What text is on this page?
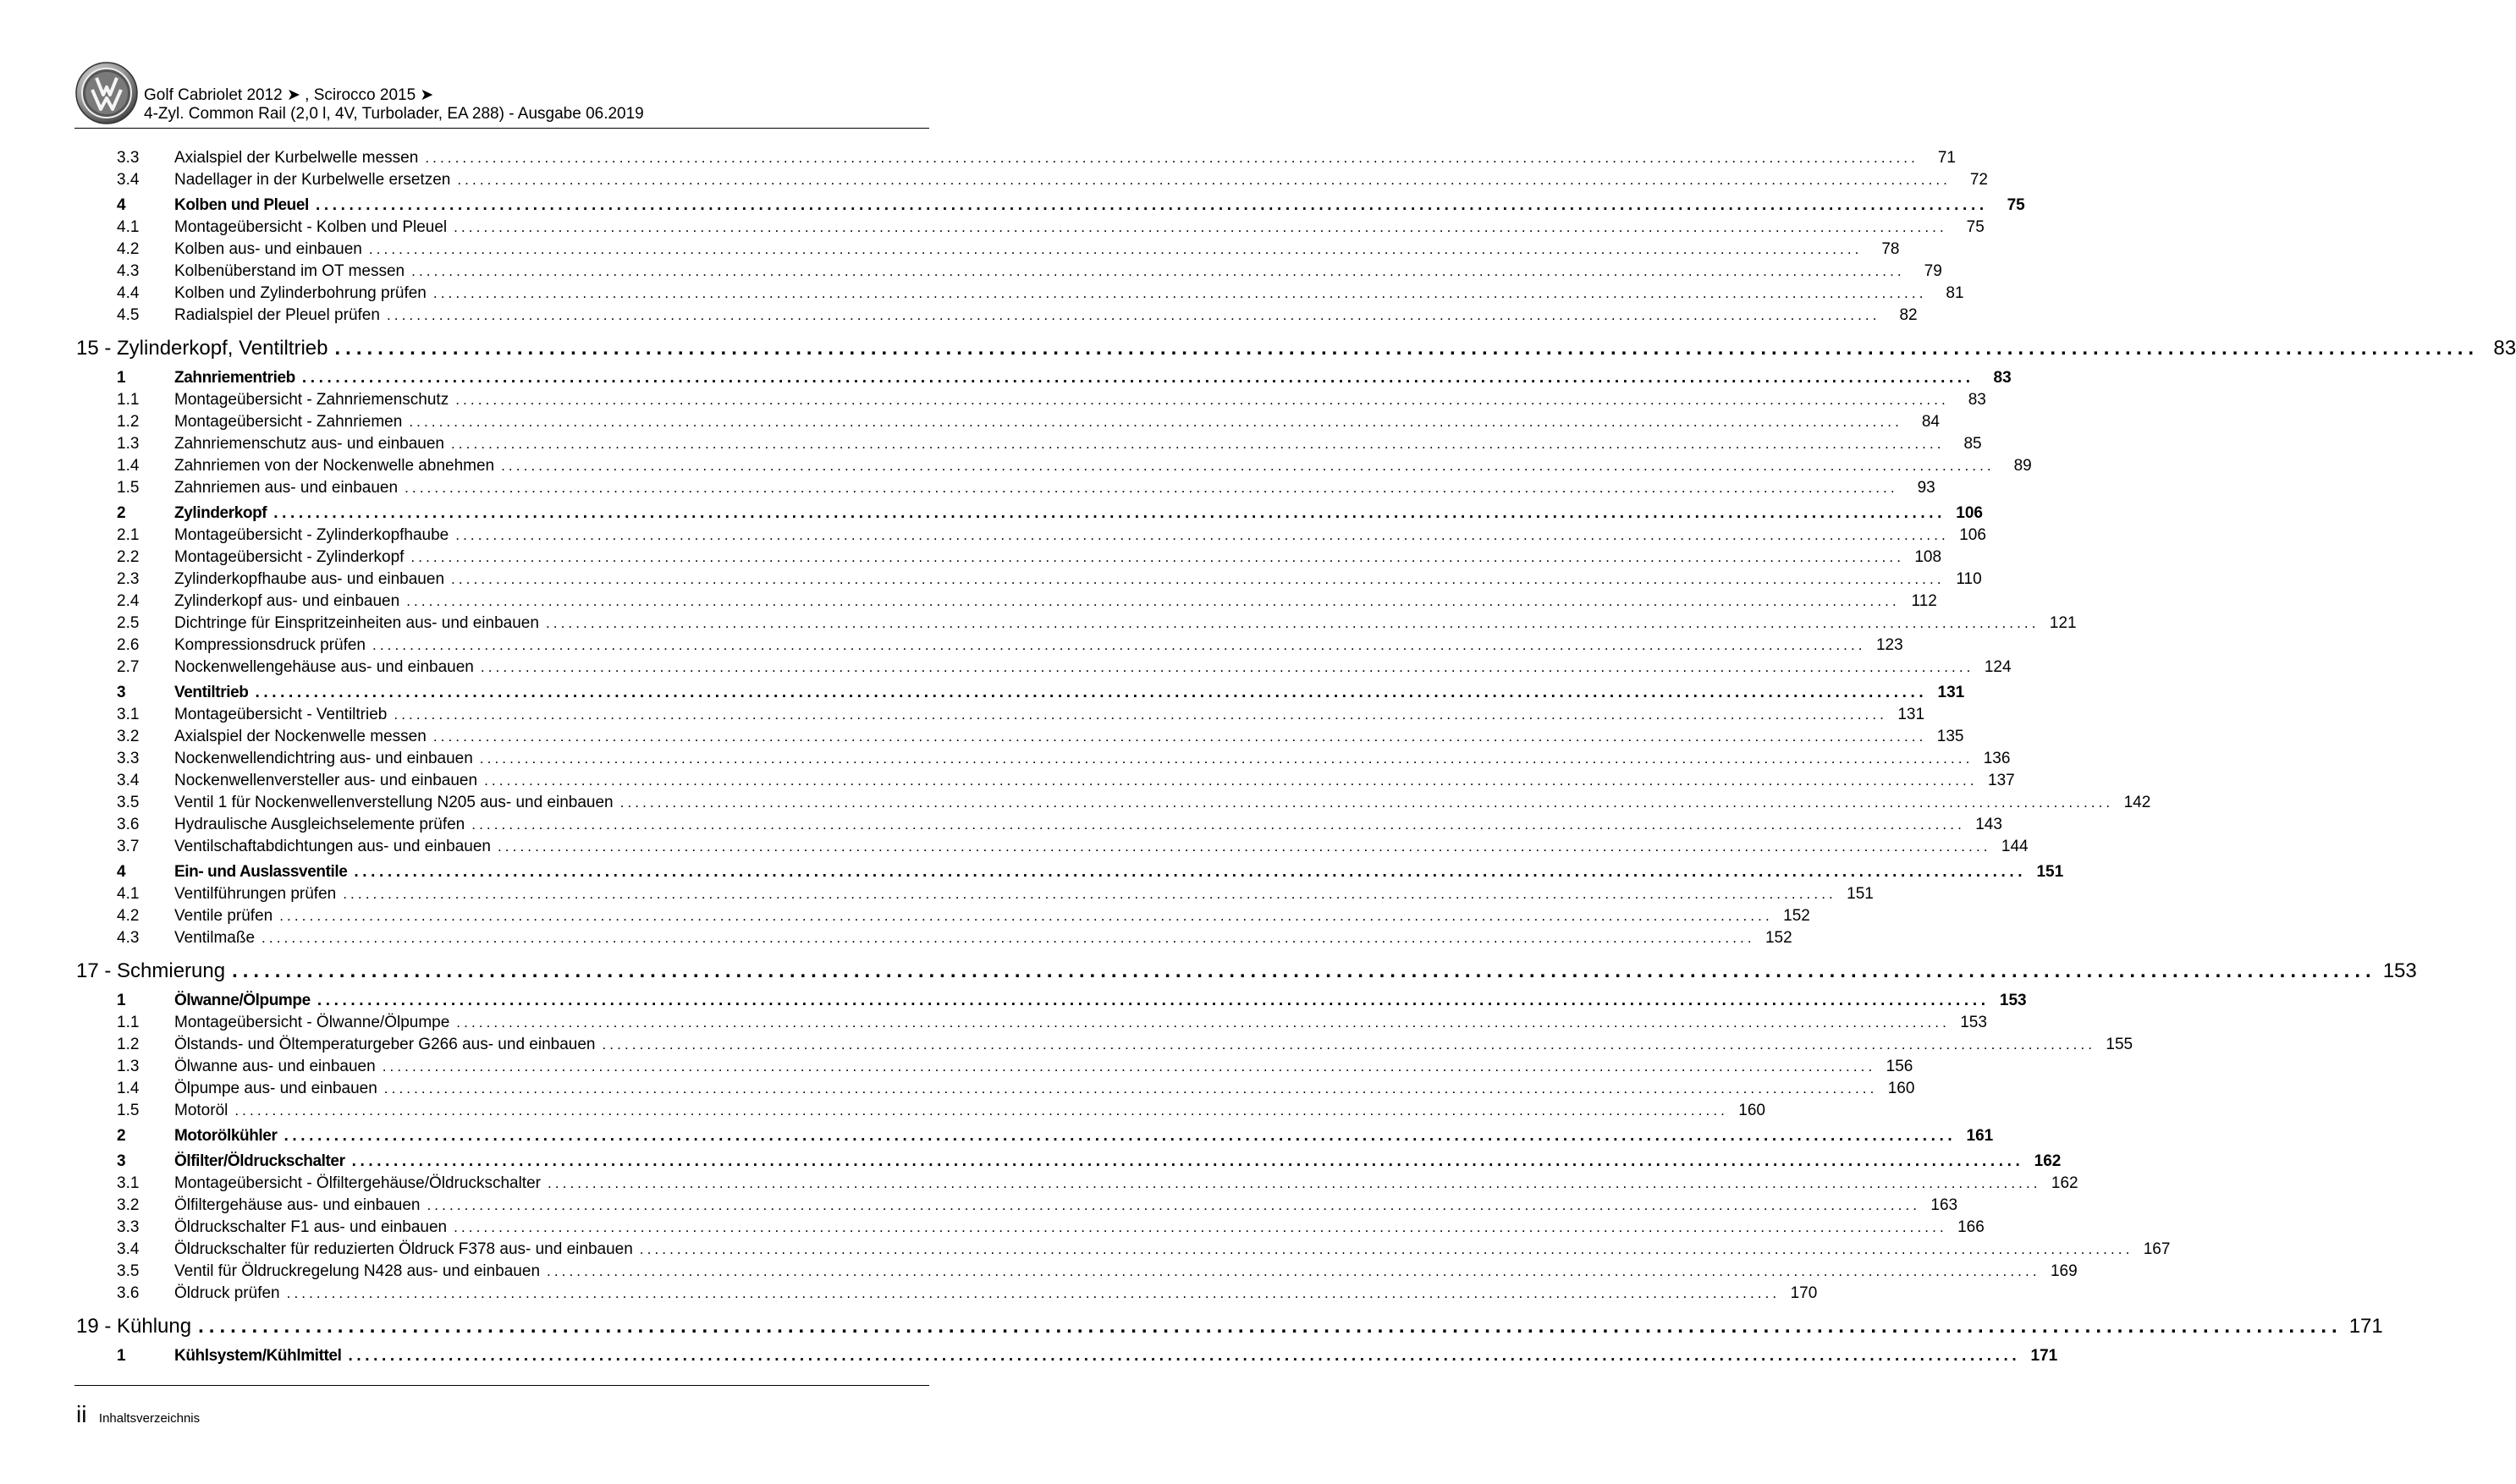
Golf Cabriolet 2012 ➤ , Scirocco 2015 ➤
4-Zyl. Common Rail (2,0 l, 4V, Turbolader, EA 288) - Ausgabe 06.2019
3.3	Axialspiel der Kurbelwelle messen ........................................................................................................................................................................................................	71
3.4	Nadellager in der Kurbelwelle ersetzen ........................................................................................................................................................................................................	72
4	Kolben und Pleuel ........................................................................................................................................................................................................	75
4.1	Montageübersicht - Kolben und Pleuel ........................................................................................................................................................................................................	75
4.2	Kolben aus- und einbauen ........................................................................................................................................................................................................	78
4.3	Kolbenüberstand im OT messen ........................................................................................................................................................................................................	79
4.4	Kolben und Zylinderbohrung prüfen ........................................................................................................................................................................................................	81
4.5	Radialspiel der Pleuel prüfen ........................................................................................................................................................................................................	82
15 - Zylinderkopf, Ventiltrieb ........................................................................................................................................................................................................ 83
1	Zahnriementrieb ........................................................................................................................................................................................................	83
1.1	Montageübersicht - Zahnriemenschutz ........................................................................................................................................................................................................	83
1.2	Montageübersicht - Zahnriemen ........................................................................................................................................................................................................	84
1.3	Zahnriemenschutz aus- und einbauen ........................................................................................................................................................................................................	85
1.4	Zahnriemen von der Nockenwelle abnehmen ........................................................................................................................................................................................................	89
1.5	Zahnriemen aus- und einbauen ........................................................................................................................................................................................................	93
2	Zylinderkopf ........................................................................................................................................................................................................ 106
2.1	Montageübersicht - Zylinderkopfhaube ........................................................................................................................................................................................................ 106
2.2	Montageübersicht - Zylinderkopf ........................................................................................................................................................................................................ 108
2.3	Zylinderkopfhaube aus- und einbauen ........................................................................................................................................................................................................ 110
2.4	Zylinderkopf aus- und einbauen ........................................................................................................................................................................................................ 112
2.5	Dichtringe für Einspritzeinheiten aus- und einbauen ........................................................................................................................................................................................................ 121
2.6	Kompressionsdruck prüfen ........................................................................................................................................................................................................ 123
2.7	Nockenwellengehäuse aus- und einbauen ........................................................................................................................................................................................................ 124
3	Ventiltrieb ........................................................................................................................................................................................................ 131
3.1	Montageübersicht - Ventiltrieb ........................................................................................................................................................................................................ 131
3.2	Axialspiel der Nockenwelle messen ........................................................................................................................................................................................................ 135
3.3	Nockenwellendichtring aus- und einbauen ........................................................................................................................................................................................................ 136
3.4	Nockenwellenversteller aus- und einbauen ........................................................................................................................................................................................................ 137
3.5	Ventil 1 für Nockenwellenverstellung N205 aus- und einbauen ........................................................................................................................................................................................................ 142
3.6	Hydraulische Ausgleichselemente prüfen ........................................................................................................................................................................................................ 143
3.7	Ventilschaftabdichtungen aus- und einbauen ........................................................................................................................................................................................................ 144
4	Ein- und Auslassventile ........................................................................................................................................................................................................ 151
4.1	Ventilführungen prüfen ........................................................................................................................................................................................................ 151
4.2	Ventile prüfen ........................................................................................................................................................................................................ 152
4.3	Ventilmaße ........................................................................................................................................................................................................ 152
17 - Schmierung ........................................................................................................................................................................................................ 153
1	Ölwanne/Ölpumpe ........................................................................................................................................................................................................ 153
1.1	Montageübersicht - Ölwanne/Ölpumpe ........................................................................................................................................................................................................ 153
1.2	Ölstands- und Öltemperaturgeber G266 aus- und einbauen ........................................................................................................................................................................................................ 155
1.3	Ölwanne aus- und einbauen ........................................................................................................................................................................................................ 156
1.4	Ölpumpe aus- und einbauen ........................................................................................................................................................................................................ 160
1.5	Motoröl ........................................................................................................................................................................................................ 160
2	Motorölkühler ........................................................................................................................................................................................................ 161
3	Ölfilter/Öldruckschalter ........................................................................................................................................................................................................ 162
3.1	Montageübersicht - Ölfiltergehäuse/Öldruckschalter ........................................................................................................................................................................................................ 162
3.2	Ölfiltergehäuse aus- und einbauen ........................................................................................................................................................................................................ 163
3.3	Öldruckschalter F1 aus- und einbauen ........................................................................................................................................................................................................ 166
3.4	Öldruckschalter für reduzierten Öldruck F378 aus- und einbauen ........................................................................................................................................................................................................ 167
3.5	Ventil für Öldruckregelung N428 aus- und einbauen ........................................................................................................................................................................................................ 169
3.6	Öldruck prüfen ........................................................................................................................................................................................................ 170
19 - Kühlung ........................................................................................................................................................................................................ 171
1	Kühlsystem/Kühlmittel ........................................................................................................................................................................................................ 171
ii Inhaltsverzeichnis
